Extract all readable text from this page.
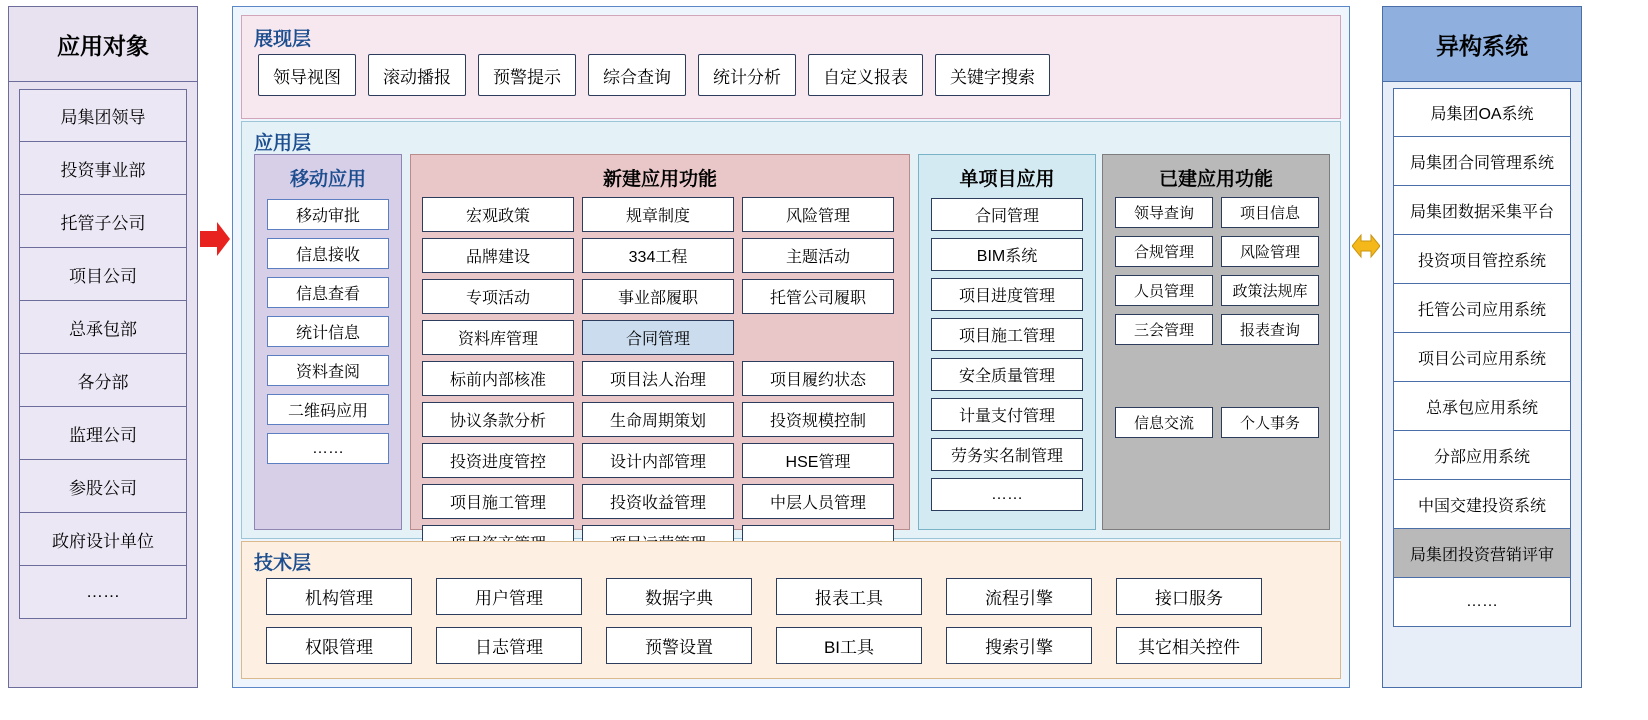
应用对象
局集团领导
投资事业部
托管子公司
项目公司
总承包部
各分部
监理公司
参股公司
政府设计单位
……
展现层
领导视图	滚动播报	预警提示	综合查询	统计分析	自定义报表	关键字搜索
应用层
移动应用
移动审批
信息接收
信息查看
统计信息
资料查阅
二维码应用
……
新建应用功能
宏观政策	规章制度	风险管理
品牌建设	334工程	主题活动
专项活动	事业部履职	托管公司履职
资料库管理	合同管理
标前内部核准	项目法人治理	项目履约状态
协议条款分析	生命周期策划	投资规模控制
投资进度管控	设计内部管理	HSE管理
项目施工管理	投资收益管理	中层人员管理
单项目应用
合同管理
BIM系统
项目进度管理
项目施工管理
安全质量管理
计量支付管理
劳务实名制管理
……
已建应用功能
领导查询	项目信息
合规管理	风险管理
人员管理	政策法规库
三会管理	报表查询
信息交流	个人事务
技术层
机构管理	用户管理	数据字典	报表工具	流程引擎	接口服务
权限管理	日志管理	预警设置	BI工具	搜索引擎	其它相关控件
异构系统
局集团OA系统
局集团合同管理系统
局集团数据采集平台
投资项目管控系统
托管公司应用系统
项目公司应用系统
总承包应用系统
分部应用系统
中国交建投资系统
局集团投资营销评审
……
